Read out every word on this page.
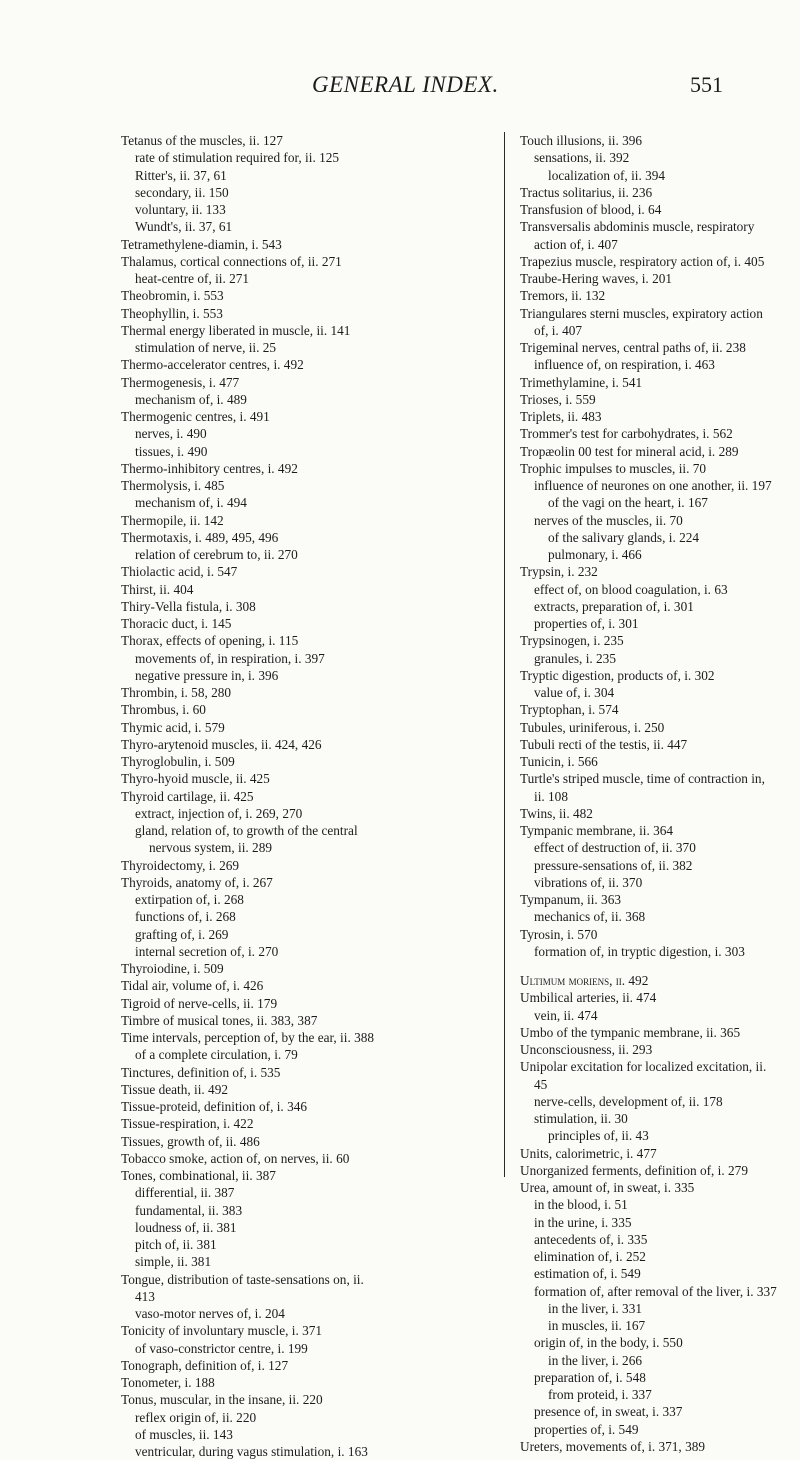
GENERAL INDEX.	551
Tetanus of the muscles, ii. 127
rate of stimulation required for, ii. 125
Ritter's, ii. 37, 61
secondary, ii. 150
voluntary, ii. 133
Wundt's, ii. 37, 61
Tetramethylene-diamin, i. 543
Thalamus, cortical connections of, ii. 271
heat-centre of, ii. 271
Theobromin, i. 553
Theophyllin, i. 553
Thermal energy liberated in muscle, ii. 141
stimulation of nerve, ii. 25
Thermo-accelerator centres, i. 492
Thermogenesis, i. 477
mechanism of, i. 489
Thermogenic centres, i. 491
nerves, i. 490
tissues, i. 490
Thermo-inhibitory centres, i. 492
Thermolysis, i. 485
mechanism of, i. 494
Thermopile, ii. 142
Thermotaxis, i. 489, 495, 496
relation of cerebrum to, ii. 270
Thiolactic acid, i. 547
Thirst, ii. 404
Thiry-Vella fistula, i. 308
Thoracic duct, i. 145
Thorax, effects of opening, i. 115
movements of, in respiration, i. 397
negative pressure in, i. 396
Thrombin, i. 58, 280
Thrombus, i. 60
Thymic acid, i. 579
Thyro-arytenoid muscles, ii. 424, 426
Thyroglobulin, i. 509
Thyro-hyoid muscle, ii. 425
Thyroid cartilage, ii. 425
extract, injection of, i. 269, 270
gland, relation of, to growth of the central
nervous system, ii. 289
Thyroidectomy, i. 269
Thyroids, anatomy of, i. 267
extirpation of, i. 268
functions of, i. 268
grafting of, i. 269
internal secretion of, i. 270
Thyroiodine, i. 509
Tidal air, volume of, i. 426
Tigroid of nerve-cells, ii. 179
Timbre of musical tones, ii. 383, 387
Time intervals, perception of, by the ear, ii. 388
of a complete circulation, i. 79
Tinctures, definition of, i. 535
Tissue death, ii. 492
Tissue-proteid, definition of, i. 346
Tissue-respiration, i. 422
Tissues, growth of, ii. 486
Tobacco smoke, action of, on nerves, ii. 60
Tones, combinational, ii. 387
differential, ii. 387
fundamental, ii. 383
loudness of, ii. 381
pitch of, ii. 381
simple, ii. 381
Tongue, distribution of taste-sensations on, ii.
413
vaso-motor nerves of, i. 204
Tonicity of involuntary muscle, i. 371
of vaso-constrictor centre, i. 199
Tonograph, definition of, i. 127
Tonometer, i. 188
Tonus, muscular, in the insane, ii. 220
reflex origin of, ii. 220
of muscles, ii. 143
ventricular, during vagus stimulation, i. 163
Touch illusions, ii. 396
sensations, ii. 392
localization of, ii. 394
Tractus solitarius, ii. 236
Transfusion of blood, i. 64
Transversalis abdominis muscle, respiratory
action of, i. 407
Trapezius muscle, respiratory action of, i. 405
Traube-Hering waves, i. 201
Tremors, ii. 132
Triangulares sterni muscles, expiratory action
of, i. 407
Trigeminal nerves, central paths of, ii. 238
influence of, on respiration, i. 463
Trimethylamine, i. 541
Trioses, i. 559
Triplets, ii. 483
Trommer's test for carbohydrates, i. 562
Tropæolin 00 test for mineral acid, i. 289
Trophic impulses to muscles, ii. 70
influence of neurones on one another, ii. 197
of the vagi on the heart, i. 167
nerves of the muscles, ii. 70
of the salivary glands, i. 224
pulmonary, i. 466
Trypsin, i. 232
effect of, on blood coagulation, i. 63
extracts, preparation of, i. 301
properties of, i. 301
Trypsinogen, i. 235
granules, i. 235
Tryptic digestion, products of, i. 302
value of, i. 304
Tryptophan, i. 574
Tubules, uriniferous, i. 250
Tubuli recti of the testis, ii. 447
Tunicin, i. 566
Turtle's striped muscle, time of contraction in,
ii. 108
Twins, ii. 482
Tympanic membrane, ii. 364
effect of destruction of, ii. 370
pressure-sensations of, ii. 382
vibrations of, ii. 370
Tympanum, ii. 363
mechanics of, ii. 368
Tyrosin, i. 570
formation of, in tryptic digestion, i. 303
Ultimum moriens, ii. 492
Umbilical arteries, ii. 474
vein, ii. 474
Umbo of the tympanic membrane, ii. 365
Unconsciousness, ii. 293
Unipolar excitation for localized excitation, ii.
45
nerve-cells, development of, ii. 178
stimulation, ii. 30
principles of, ii. 43
Units, calorimetric, i. 477
Unorganized ferments, definition of, i. 279
Urea, amount of, in sweat, i. 335
in the blood, i. 51
in the urine, i. 335
antecedents of, i. 335
elimination of, i. 252
estimation of, i. 549
formation of, after removal of the liver, i. 337
in the liver, i. 331
in muscles, ii. 167
origin of, in the body, i. 550
in the liver, i. 266
preparation of, i. 548
from proteid, i. 337
presence of, in sweat, i. 337
properties of, i. 549
Ureters, movements of, i. 371, 389
